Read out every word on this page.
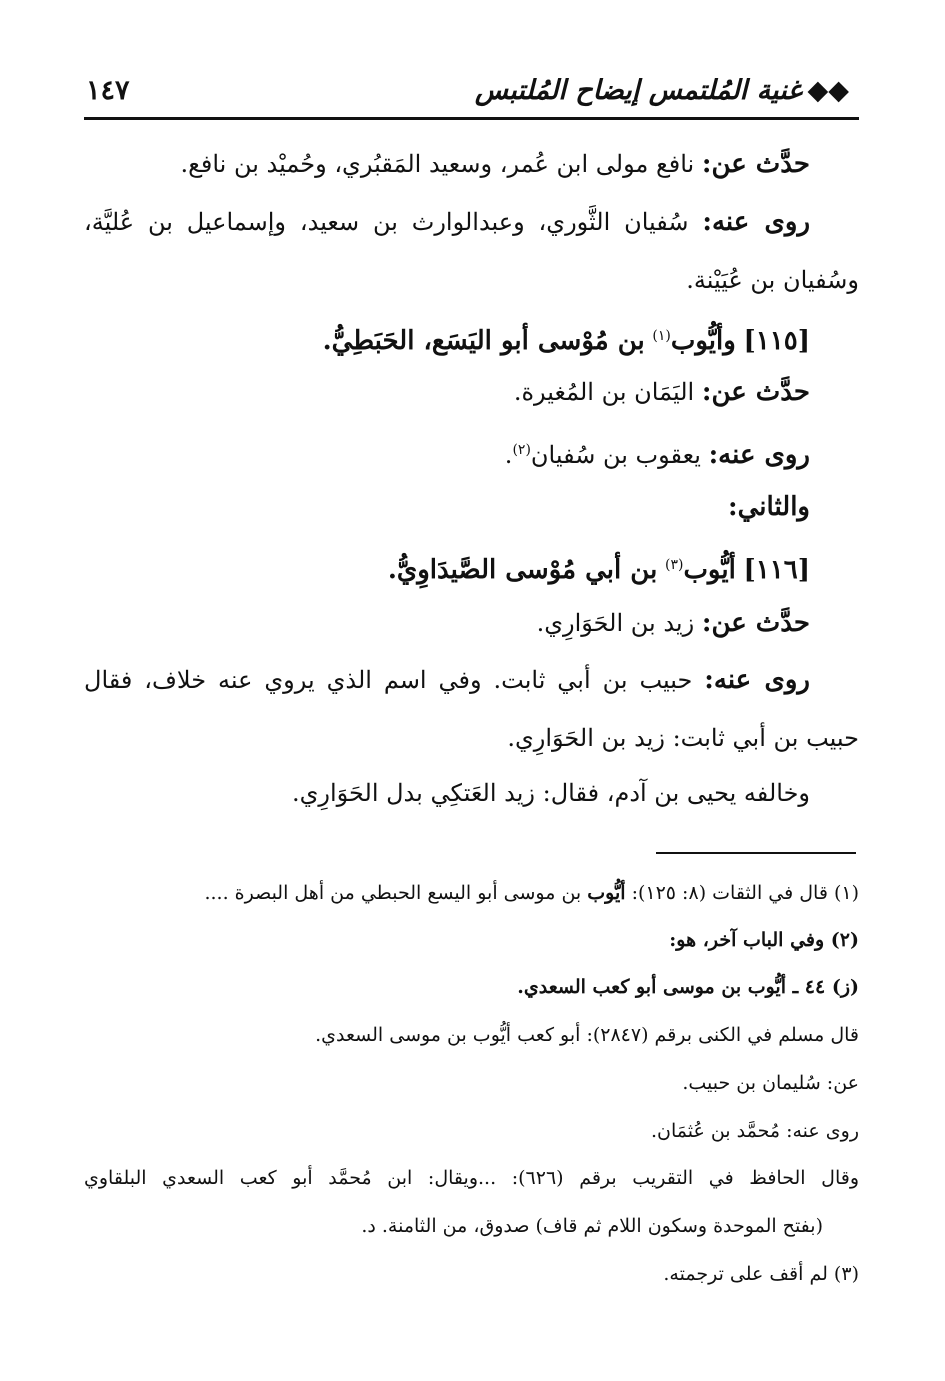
◆◆غنية المُلتمس إيضاح المُلتبس
١٤٧
حدَّث عن: نافع مولى ابن عُمر، وسعيد المَقبُري، وحُميْد بن نافع.
روى عنه: سُفيان الثَّوري، وعبدالوارث بن سعيد، وإسماعيل بن عُليَّة،
وسُفيان بن عُيَيْنة.
[١١٥] وأيُّوب$^{(١)}$ بن مُوْسى أبو اليَسَع، الحَبَطِيُّ.
حدَّث عن: اليَمَان بن المُغيرة.
روى عنه: يعقوب بن سُفيان$^{(٢)}$.
والثاني:
[١١٦] أيُّوب$^{(٣)}$ بن أبي مُوْسى الصَّيدَاوِيُّ.
حدَّث عن: زيد بن الحَوَارِي.
روى عنه: حبيب بن أبي ثابت. وفي اسم الذي يروي عنه خلاف، فقال
حبيب بن أبي ثابت: زيد بن الحَوَارِي.
وخالفه يحيى بن آدم، فقال: زيد العَتكِي بدل الحَوَارِي.
(١) قال في الثقات (٨: ١٢٥): أيُّوب بن موسى أبو اليسع الحبطي من أهل البصرة ....
(٢) وفي الباب آخر، هو:
(ز) ٤٤ ـ أيُّوب بن موسى أبو كعب السعدي.
قال مسلم في الكنى برقم (٢٨٤٧): أبو كعب أيُّوب بن موسى السعدي.
عن: سُليمان بن حبيب.
روى عنه: مُحمَّد بن عُثمَان.
وقال الحافظ في التقريب برقم (٦٢٦): ...ويقال: ابن مُحمَّد أبو كعب السعدي البلقاوي
(بفتح الموحدة وسكون اللام ثم قاف) صدوق، من الثامنة. د.
(٣) لم أقف على ترجمته.
